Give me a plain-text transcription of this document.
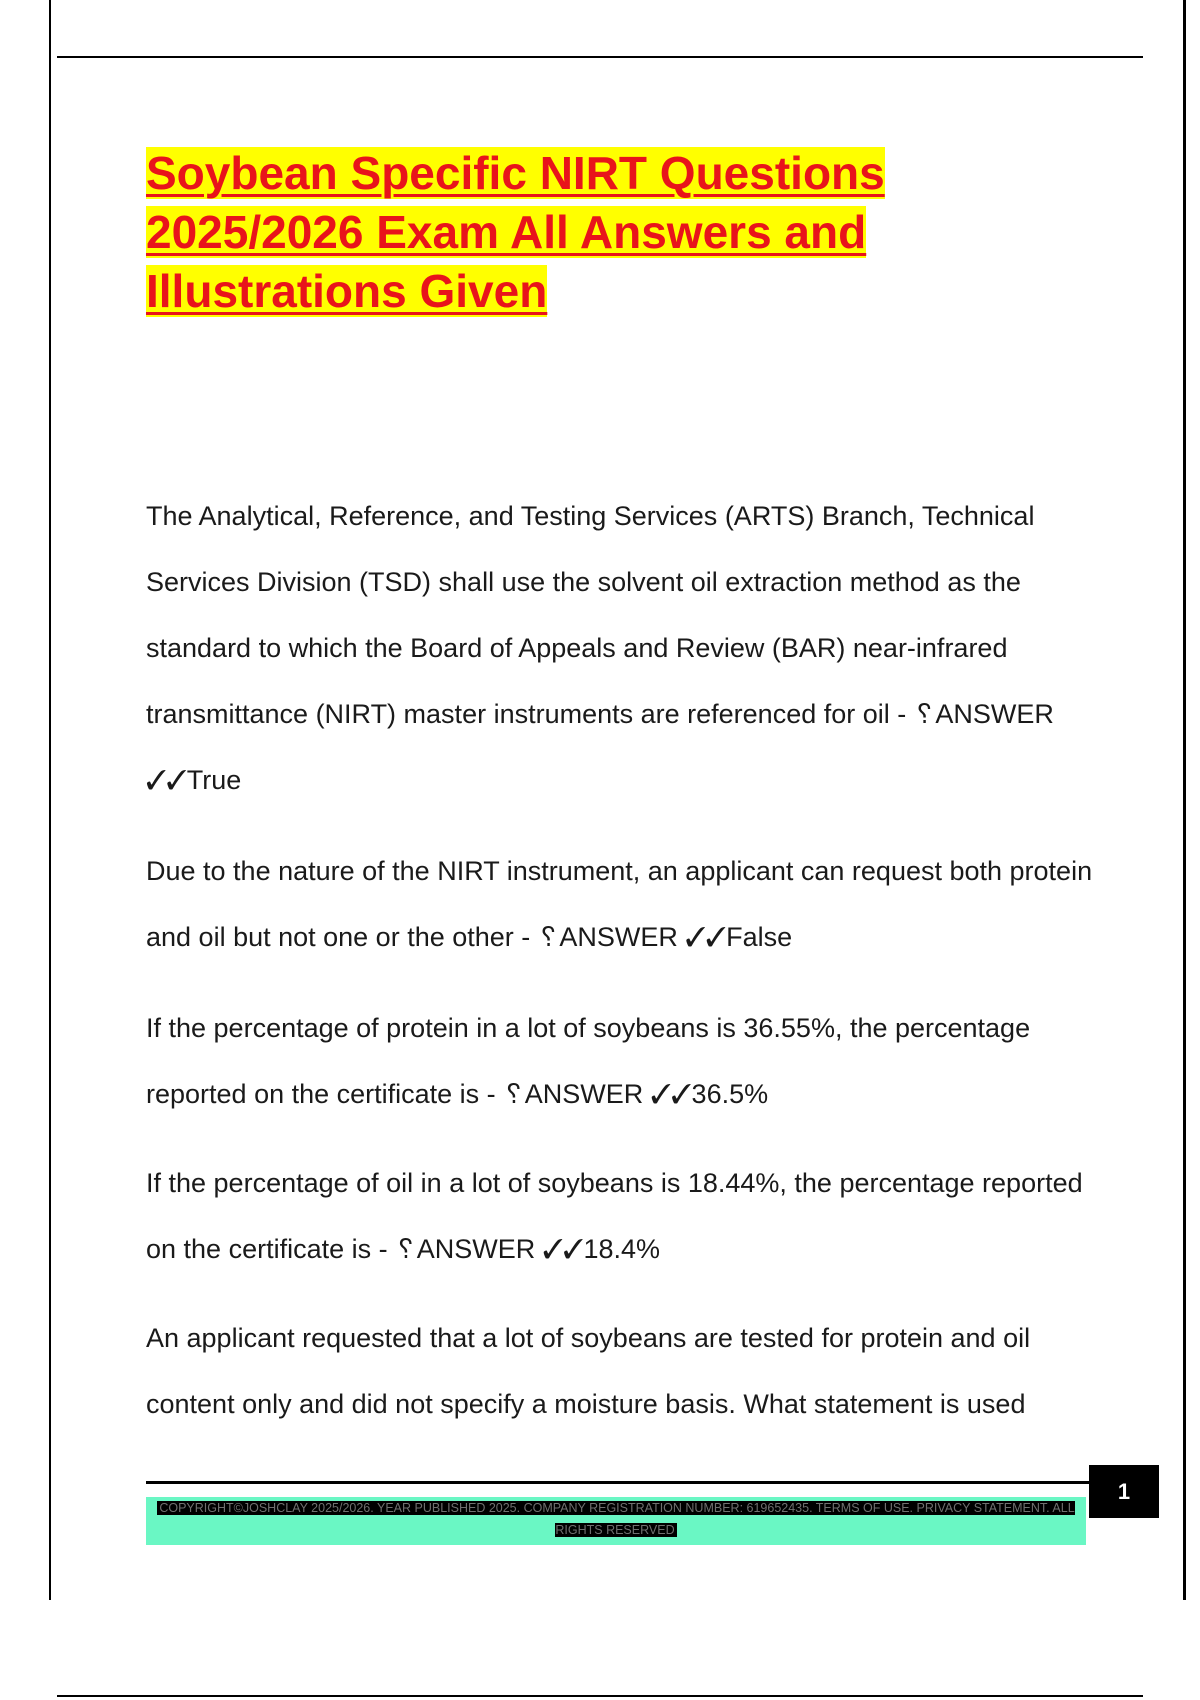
Soybean Specific NIRT Questions 2025/2026 Exam All Answers and Illustrations Given

The Analytical, Reference, and Testing Services (ARTS) Branch, Technical Services Division (TSD) shall use the solvent oil extraction method as the standard to which the Board of Appeals and Review (BAR) near-infrared transmittance (NIRT) master instruments are referenced for oil - ␦ANSWER ✓✓True

Due to the nature of the NIRT instrument, an applicant can request both protein and oil but not one or the other - ␦ANSWER ✓✓False

If the percentage of protein in a lot of soybeans is 36.55%, the percentage reported on the certificate is - ␦ANSWER ✓✓36.5%

If the percentage of oil in a lot of soybeans is 18.44%, the percentage reported on the certificate is - ␦ANSWER ✓✓18.4%

An applicant requested that a lot of soybeans are tested for protein and oil content only and did not specify a moisture basis. What statement is used

1
COPYRIGHT©JOSHCLAY 2025/2026. YEAR PUBLISHED 2025. COMPANY REGISTRATION NUMBER: 619652435. TERMS OF USE. PRIVACY STATEMENT. ALL RIGHTS RESERVED
